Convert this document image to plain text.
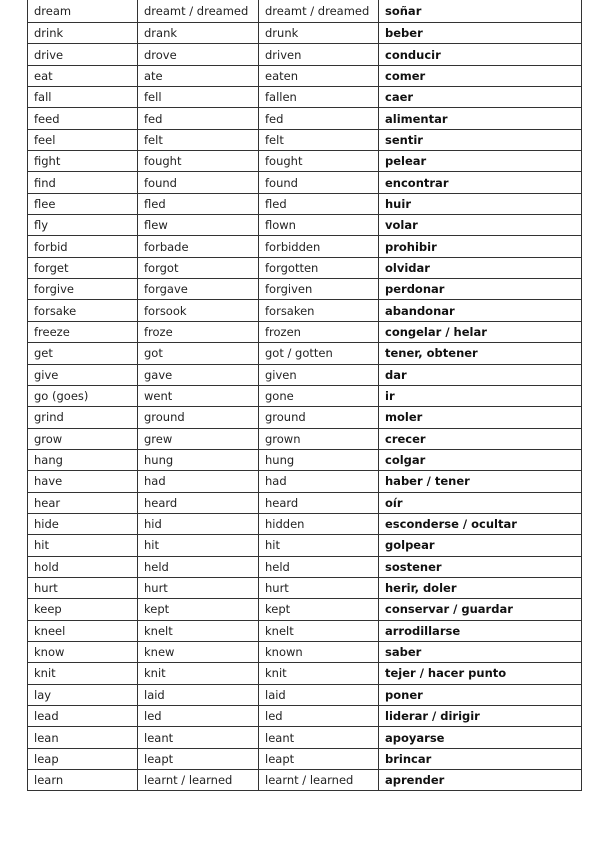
dream	dreamt / dreamed	dreamt / dreamed	soñar
drink	drank	drunk	beber
drive	drove	driven	conducir
eat	ate	eaten	comer
fall	fell	fallen	caer
feed	fed	fed	alimentar
feel	felt	felt	sentir
fight	fought	fought	pelear
find	found	found	encontrar
flee	fled	fled	huir
fly	flew	flown	volar
forbid	forbade	forbidden	prohibir
forget	forgot	forgotten	olvidar
forgive	forgave	forgiven	perdonar
forsake	forsook	forsaken	abandonar
freeze	froze	frozen	congelar / helar
get	got	got / gotten	tener, obtener
give	gave	given	dar
go (goes)	went	gone	ir
grind	ground	ground	moler
grow	grew	grown	crecer
hang	hung	hung	colgar
have	had	had	haber / tener
hear	heard	heard	oír
hide	hid	hidden	esconderse / ocultar
hit	hit	hit	golpear
hold	held	held	sostener
hurt	hurt	hurt	herir, doler
keep	kept	kept	conservar / guardar
kneel	knelt	knelt	arrodillarse
know	knew	known	saber
knit	knit	knit	tejer / hacer punto
lay	laid	laid	poner
lead	led	led	liderar / dirigir
lean	leant	leant	apoyarse
leap	leapt	leapt	brincar
learn	learnt / learned	learnt / learned	aprender
